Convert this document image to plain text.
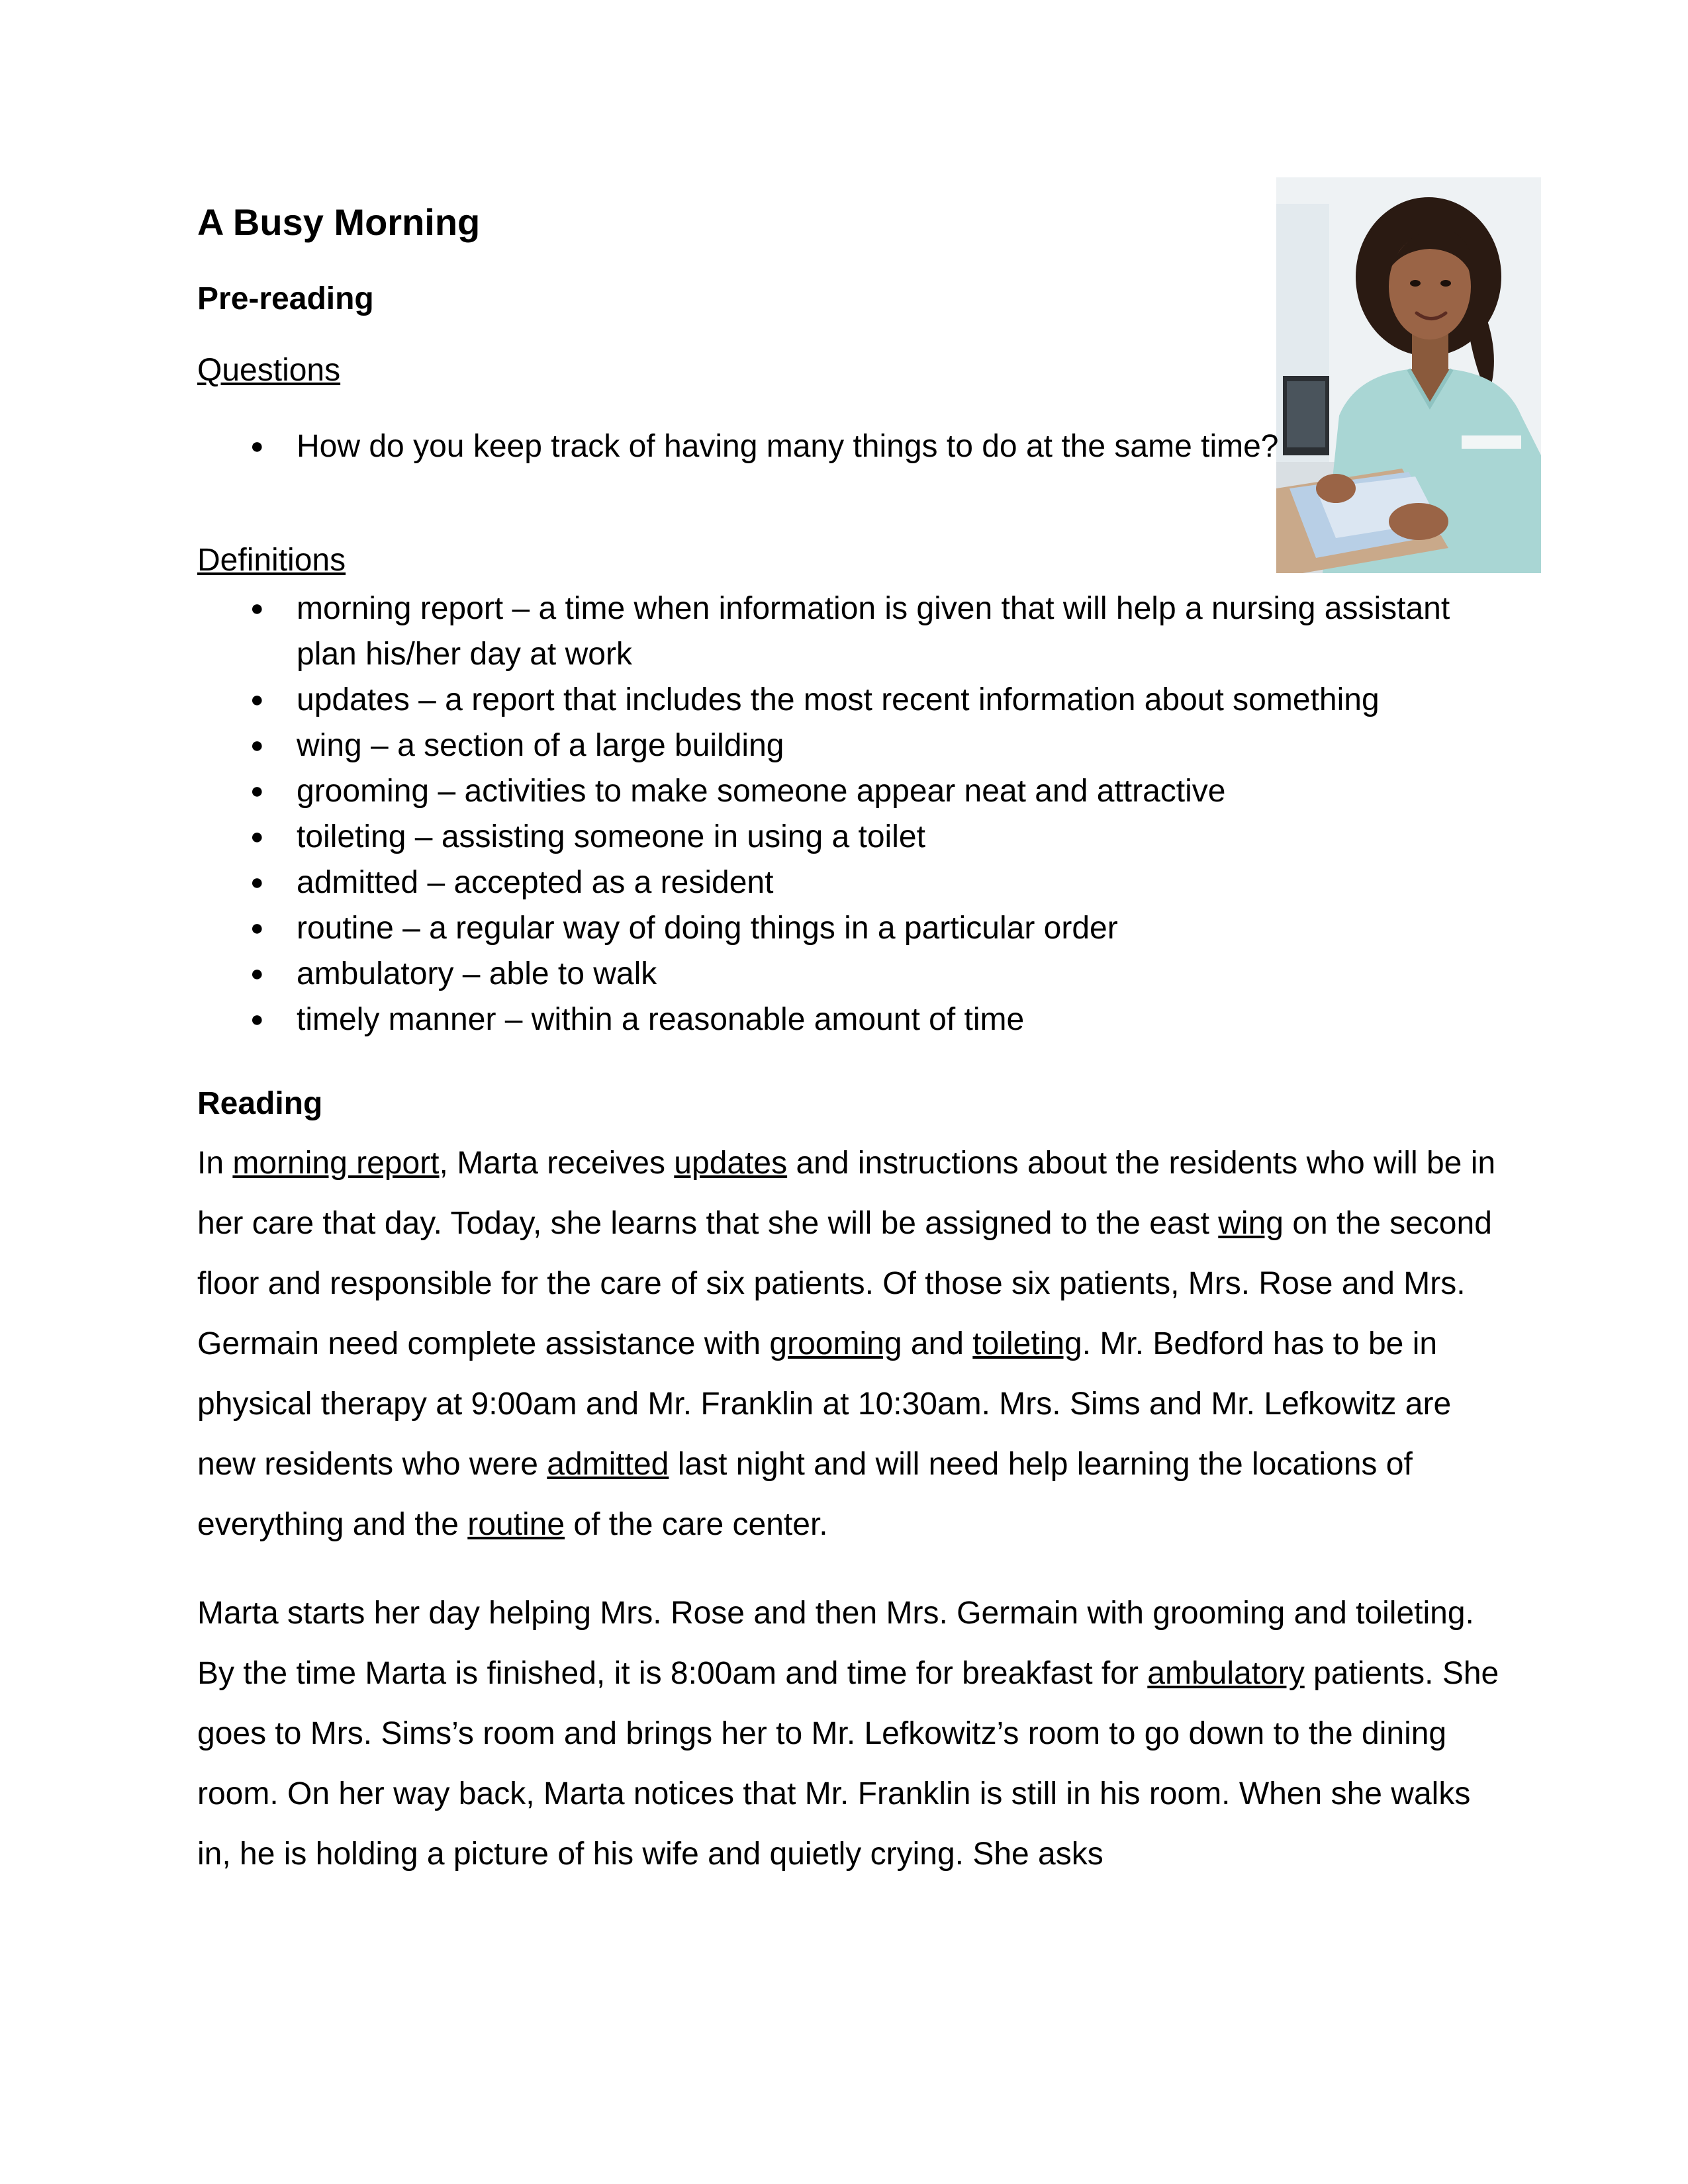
A Busy Morning
Pre-reading
Questions
● How do you keep track of having many things to do at the same time?
Definitions
● morning report – a time when information is given that will help a nursing assistant plan his/her day at work
● updates – a report that includes the most recent information about something
● wing – a section of a large building
● grooming – activities to make someone appear neat and attractive
● toileting – assisting someone in using a toilet
● admitted – accepted as a resident
● routine – a regular way of doing things in a particular order
● ambulatory – able to walk
● timely manner – within a reasonable amount of time
Reading

In morning report, Marta receives updates and instructions about the residents who will be in her care that day. Today, she learns that she will be assigned to the east wing on the second floor and responsible for the care of six patients. Of those six patients, Mrs. Rose and Mrs. Germain need complete assistance with grooming and toileting. Mr. Bedford has to be in physical therapy at 9:00am and Mr. Franklin at 10:30am. Mrs. Sims and Mr. Lefkowitz are new residents who were admitted last night and will need help learning the locations of everything and the routine of the care center.

Marta starts her day helping Mrs. Rose and then Mrs. Germain with grooming and toileting. By the time Marta is finished, it is 8:00am and time for breakfast for ambulatory patients. She goes to Mrs. Sims’s room and brings her to Mr. Lefkowitz’s room to go down to the dining room. On her way back, Marta notices that Mr. Franklin is still in his room. When she walks in, he is holding a picture of his wife and quietly crying. She asks
